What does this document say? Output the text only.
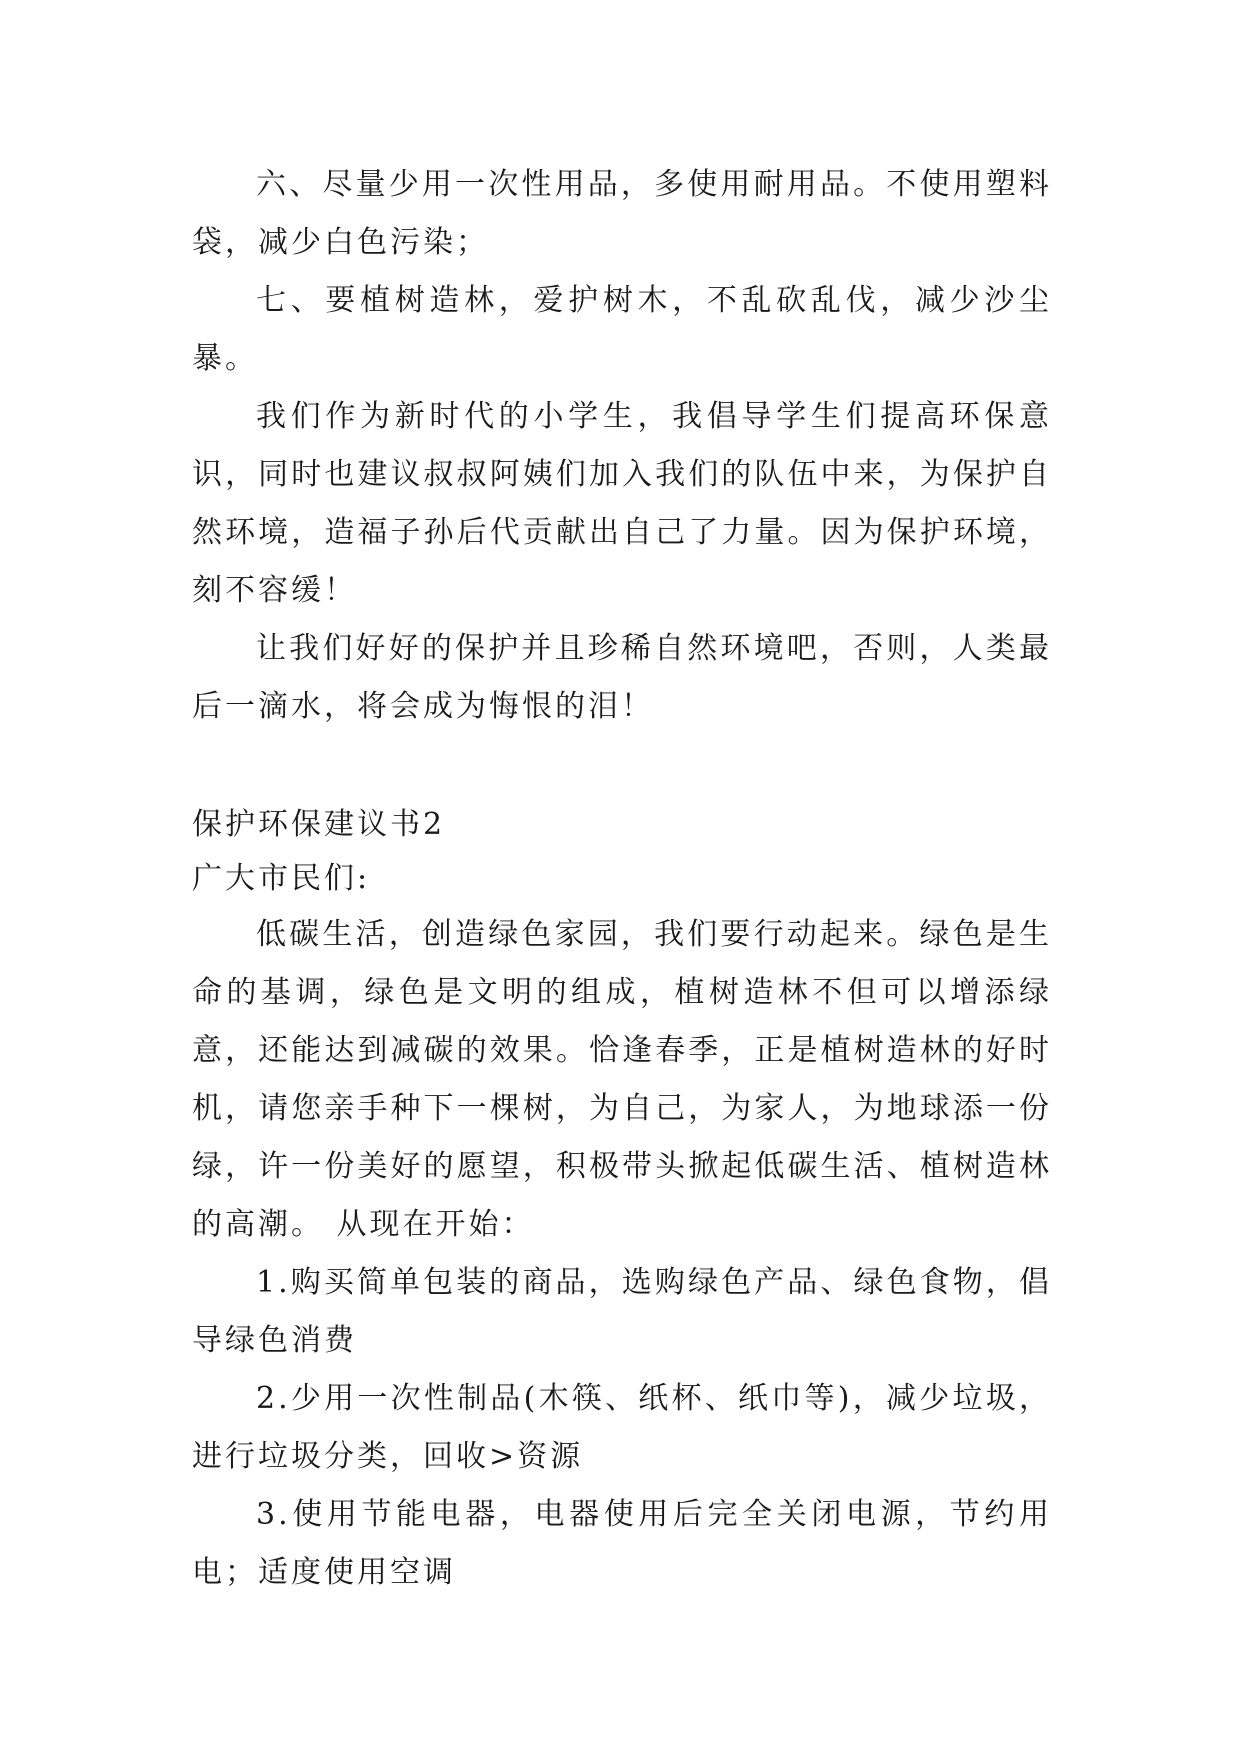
六、尽量少用一次性用品，多使用耐用品。不使用塑料袋，减少白色污染；

七、要植树造林，爱护树木，不乱砍乱伐，减少沙尘暴。

我们作为新时代的小学生，我倡导学生们提高环保意识，同时也建议叔叔阿姨们加入我们的队伍中来，为保护自然环境，造福子孙后代贡献出自己了力量。因为保护环境，刻不容缓！

让我们好好的保护并且珍稀自然环境吧，否则，人类最后一滴水，将会成为悔恨的泪！

保护环保建议书2

广大市民们:

低碳生活，创造绿色家园，我们要行动起来。绿色是生命的基调，绿色是文明的组成，植树造林不但可以增添绿意，还能达到减碳的效果。恰逢春季，正是植树造林的好时机，请您亲手种下一棵树，为自己，为家人，为地球添一份绿，许一份美好的愿望，积极带头掀起低碳生活、植树造林的高潮。 从现在开始：

1.购买简单包装的商品，选购绿色产品、绿色食物，倡导绿色消费

2.少用一次性制品(木筷、纸杯、纸巾等)，减少垃圾，进行垃圾分类，回收>资源

3.使用节能电器，电器使用后完全关闭电源，节约用电；适度使用空调
